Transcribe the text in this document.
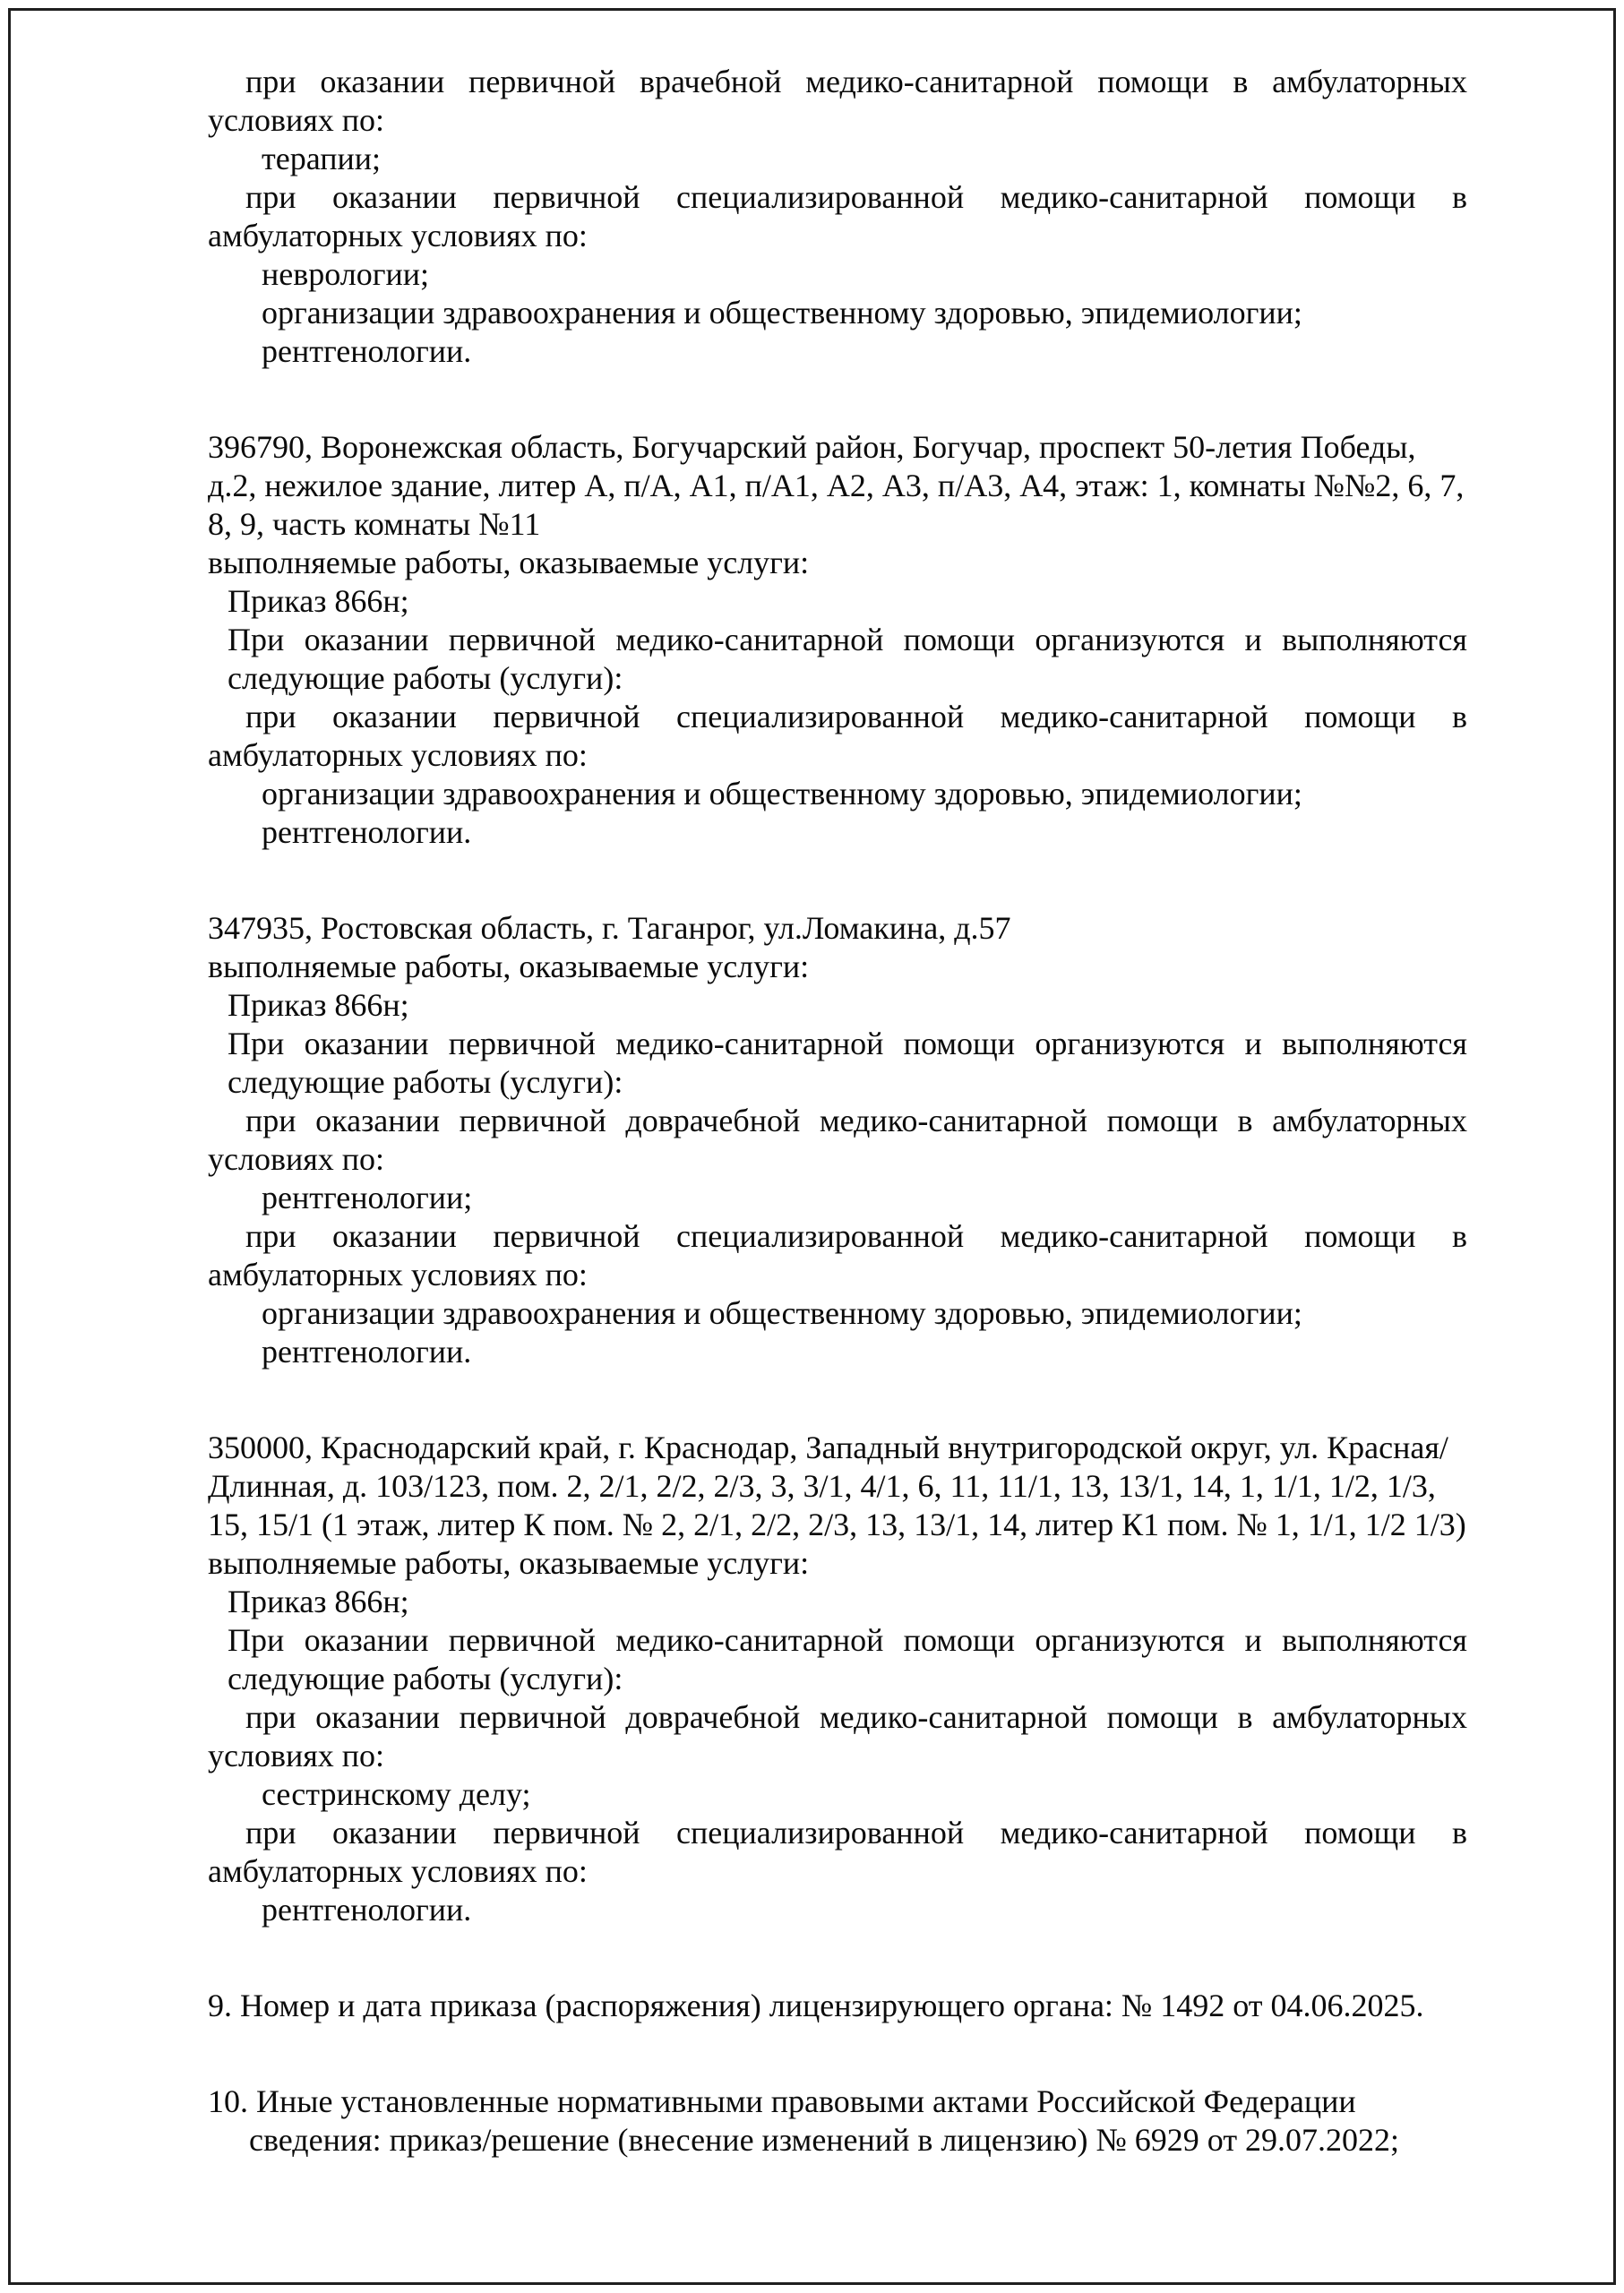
при оказании первичной врачебной медико-санитарной помощи в амбулаторных условиях по:

терапии;

при оказании первичной специализированной медико-санитарной помощи в амбулаторных условиях по:

неврологии;

организации здравоохранения и общественному здоровью, эпидемиологии;

рентгенологии.

396790, Воронежская область, Богучарский район, Богучар, проспект 50-летия Победы, д.2, нежилое здание, литер А, п/А, А1, п/А1, А2, А3, п/А3, А4, этаж: 1, комнаты №№2, 6, 7, 8, 9, часть комнаты №11

выполняемые работы, оказываемые услуги:

Приказ 866н;

При оказании первичной медико-санитарной помощи организуются и выполняются следующие работы (услуги):

при оказании первичной специализированной медико-санитарной помощи в амбулаторных условиях по:

организации здравоохранения и общественному здоровью, эпидемиологии;

рентгенологии.

347935, Ростовская область, г. Таганрог, ул.Ломакина, д.57

выполняемые работы, оказываемые услуги:

Приказ 866н;

При оказании первичной медико-санитарной помощи организуются и выполняются следующие работы (услуги):

при оказании первичной доврачебной медико-санитарной помощи в амбулаторных условиях по:

рентгенологии;

при оказании первичной специализированной медико-санитарной помощи в амбулаторных условиях по:

организации здравоохранения и общественному здоровью, эпидемиологии;

рентгенологии.

350000, Краснодарский край, г. Краснодар, Западный внутригородской округ, ул. Красная/Длинная, д. 103/123, пом. 2, 2/1, 2/2, 2/3, 3, 3/1, 4/1, 6, 11, 11/1, 13, 13/1, 14, 1, 1/1, 1/2, 1/3, 15, 15/1 (1 этаж, литер К пом. № 2, 2/1, 2/2, 2/3, 13, 13/1, 14, литер К1 пом. № 1, 1/1, 1/2 1/3)

выполняемые работы, оказываемые услуги:

Приказ 866н;

При оказании первичной медико-санитарной помощи организуются и выполняются следующие работы (услуги):

при оказании первичной доврачебной медико-санитарной помощи в амбулаторных условиях по:

сестринскому делу;

при оказании первичной специализированной медико-санитарной помощи в амбулаторных условиях по:

рентгенологии.

9. Номер и дата приказа (распоряжения) лицензирующего органа: № 1492 от 04.06.2025.

10. Иные установленные нормативными правовыми актами Российской Федерации сведения: приказ/решение (внесение изменений в лицензию) № 6929 от 29.07.2022;
